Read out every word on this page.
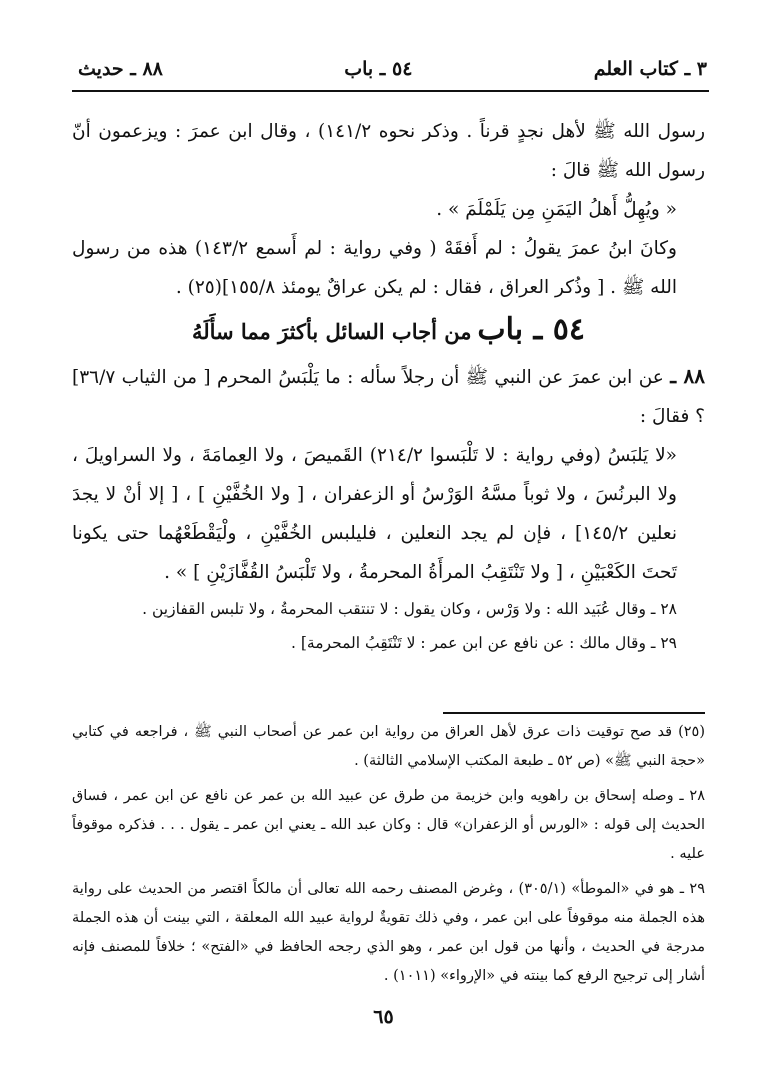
٣ ـ كتاب العلم
٥٤ ـ باب
٨٨ ـ حديث

رسول الله ﷺ لأهل نجدٍ قرناً . وذكر نحوه ١٤١/٢) ، وقال ابن عمرَ : ويزعمون أنّ رسول الله ﷺ قالَ :

« ويُهِلُّ أَهلُ اليَمَنِ مِن يَلَمْلَمَ » .

وكانَ ابنُ عمرَ يقولُ : لم أَفقَهْ ( وفي رواية : لم أَسمع ١٤٣/٢) هذه من رسول الله ﷺ . [ وذُكر العراق ، فقال : لم يكن عراقٌ يومئذ ١٥٥/٨](٢٥) .

٥٤ ـ باب من أجاب السائل بأكثرَ مما سأَلَهُ

٨٨ ـ عن ابن عمرَ عن النبي ﷺ أن رجلاً سأله : ما يَلْبَسُ المحرم [ من الثياب ٣٦/٧] ؟ فقالَ :

«لا يَلبَسُ (وفي رواية : لا تَلْبَسوا ٢١٤/٢) القَميصَ ، ولا العِمامَةَ ، ولا السراويلَ ، ولا البرنُسَ ، ولا ثوباً مسَّهُ الوَرْسُ أو الزعفران ، [ ولا الخُفَّيْنِ ] ، [ إلا أنْ لا يجدَ نعلين ١٤٥/٢] ، فإن لم يجد النعلين ، فليلبس الخُفَّيْنِ ، ولْيَقْطَعْهُما حتى يكونا تَحتَ الكَعْبَيْنِ ، [ ولا تَنْتَقِبُ المرأَةُ المحرمةُ ، ولا تَلْبَسُ القُفَّازَيْنِ ] » .

٢٨ ـ وقال عُبَيد الله : ولا وَرْس ، وكان يقول : لا تنتقب المحرمةُ ، ولا تلبس القفازين .

٢٩ ـ وقال مالك : عن نافع عن ابن عمر : لا تَنْتَقِبُ المحرمة] .

(٢٥) قد صح توقيت ذات عرق لأهل العراق من رواية ابن عمر عن أصحاب النبي ﷺ ، فراجعه في كتابي «حجة النبي ﷺ» (ص ٥٢ ـ طبعة المكتب الإسلامي الثالثة) .

٢٨ ـ وصله إسحاق بن راهويه وابن خزيمة من طرق عن عبيد الله بن عمر عن نافع عن ابن عمر ، فساق الحديث إلى قوله : «الورس أو الزعفران» قال : وكان عبد الله ـ يعني ابن عمر ـ يقول . . . فذكره موقوفاً عليه .

٢٩ ـ هو في «الموطأ» (٣٠٥/١) ، وغرض المصنف رحمه الله تعالى أن مالكاً اقتصر من الحديث على رواية هذه الجملة منه موقوفاً على ابن عمر ، وفي ذلك تقويةٌ لرواية عبيد الله المعلقة ، التي بينت أن هذه الجملة مدرجة في الحديث ، وأنها من قول ابن عمر ، وهو الذي رجحه الحافظ في «الفتح» ؛ خلافاً للمصنف فإنه أشار إلى ترجيح الرفع كما بينته في «الإرواء» (١٠١١) .

٦٥
